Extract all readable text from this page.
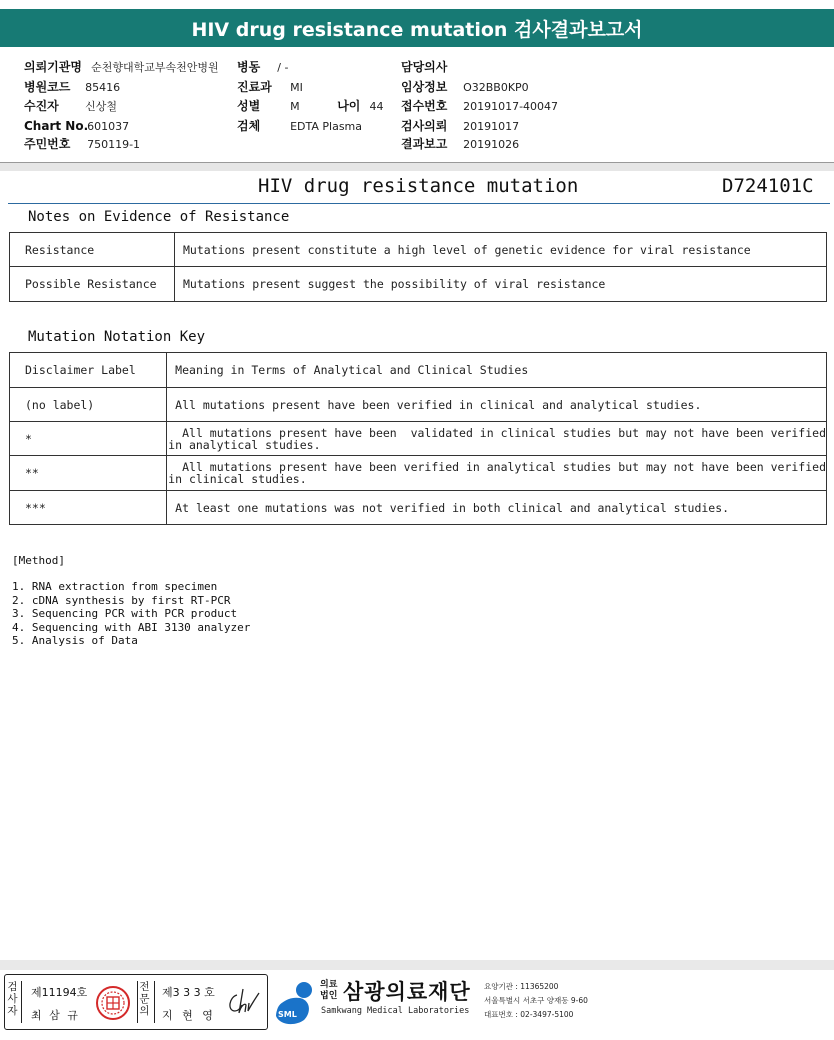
HIV drug resistance mutation 검사결과보고서
의뢰기관명 순천향대학교부속천안병원
병원코드 85416
수진자 신상철
Chart No. 601037
주민번호 750119-1
병동 / -
진료과 MI
성별	M	나이 44
검체	EDTA Plasma
담당의사
임상정보 O32BB0KP0
접수번호 20191017-40047
검사의뢰 20191017
결과보고 20191026
HIV drug resistance mutation	D724101C
Notes on Evidence of Resistance
Resistance	Mutations present constitute a high level of genetic evidence for viral resistance
Possible Resistance	Mutations present suggest the possibility of viral resistance
Mutation Notation Key
Disclaimer Label	Meaning in Terms of Analytical and Clinical Studies
(no label)	All mutations present have been verified in clinical and analytical studies.
*	All mutations present have been  validated in clinical studies but may not have been verified
in analytical studies.

**	All mutations present have been verified in analytical studies but may not have been verified
in clinical studies.

***	At least one mutations was not verified in both clinical and analytical studies.
[Method]
1. RNA extraction from specimen
2. cDNA synthesis by first RT-PCR
3. Sequencing PCR with PCR product
4. Sequencing with ABI 3130 analyzer
5. Analysis of Data
검사자
제11194호
최 삼 규
전문의
제3 3 3 호
지 현 영	SML
의료
법인 삼광의료재단
Samkwang Medical Laboratories
요양기관 : 11365200
서울특별시 서초구 양재동 9-60
대표번호 : 02-3497-5100
